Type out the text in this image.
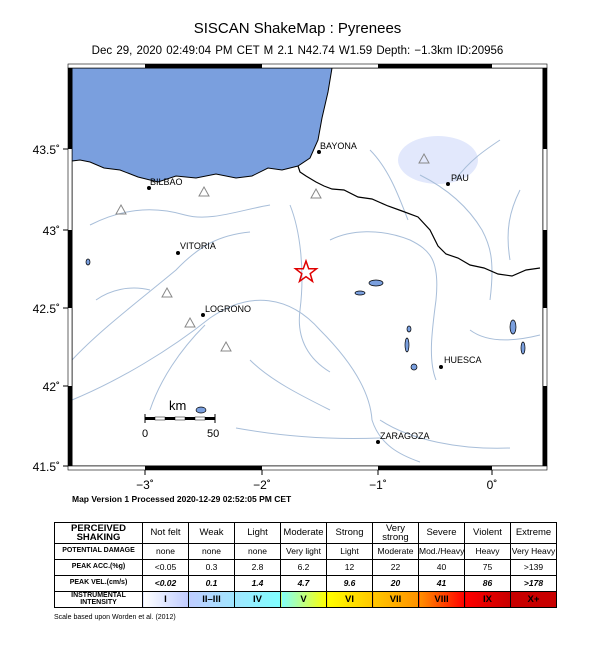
SISCAN ShakeMap : Pyrenees
Dec 29, 2020 02:49:04 PM CET M 2.1 N42.74 W1.59 Depth: −1.3km ID:20956
BAYONA
PAU
BILBAO
VITORIA
LOGRONO
HUESCA
ZARAGOZA
km
0	50
43.5˚
43˚
42.5˚
42˚
41.5˚
−3˚	−2˚	−1˚	0˚
Map Version 1 Processed 2020-12-29 02:52:05 PM CET
PERCEIVED SHAKING	Not felt	Weak	Light	Moderate	Strong	Very strong	Severe	Violent	Extreme
POTENTIAL DAMAGE	none	none	none	Very light	Light	Moderate	Mod./Heavy	Heavy	Very Heavy
PEAK ACC.(%g)	<0.05	0.3	2.8	6.2	12	22	40	75	>139
PEAK VEL.(cm/s)	<0.02	0.1	1.4	4.7	9.6	20	41	86	>178
INSTRUMENTAL INTENSITY	I	II–III	IV	V	VI	VII	VIII	IX	X+
Scale based upon Worden et al. (2012)
